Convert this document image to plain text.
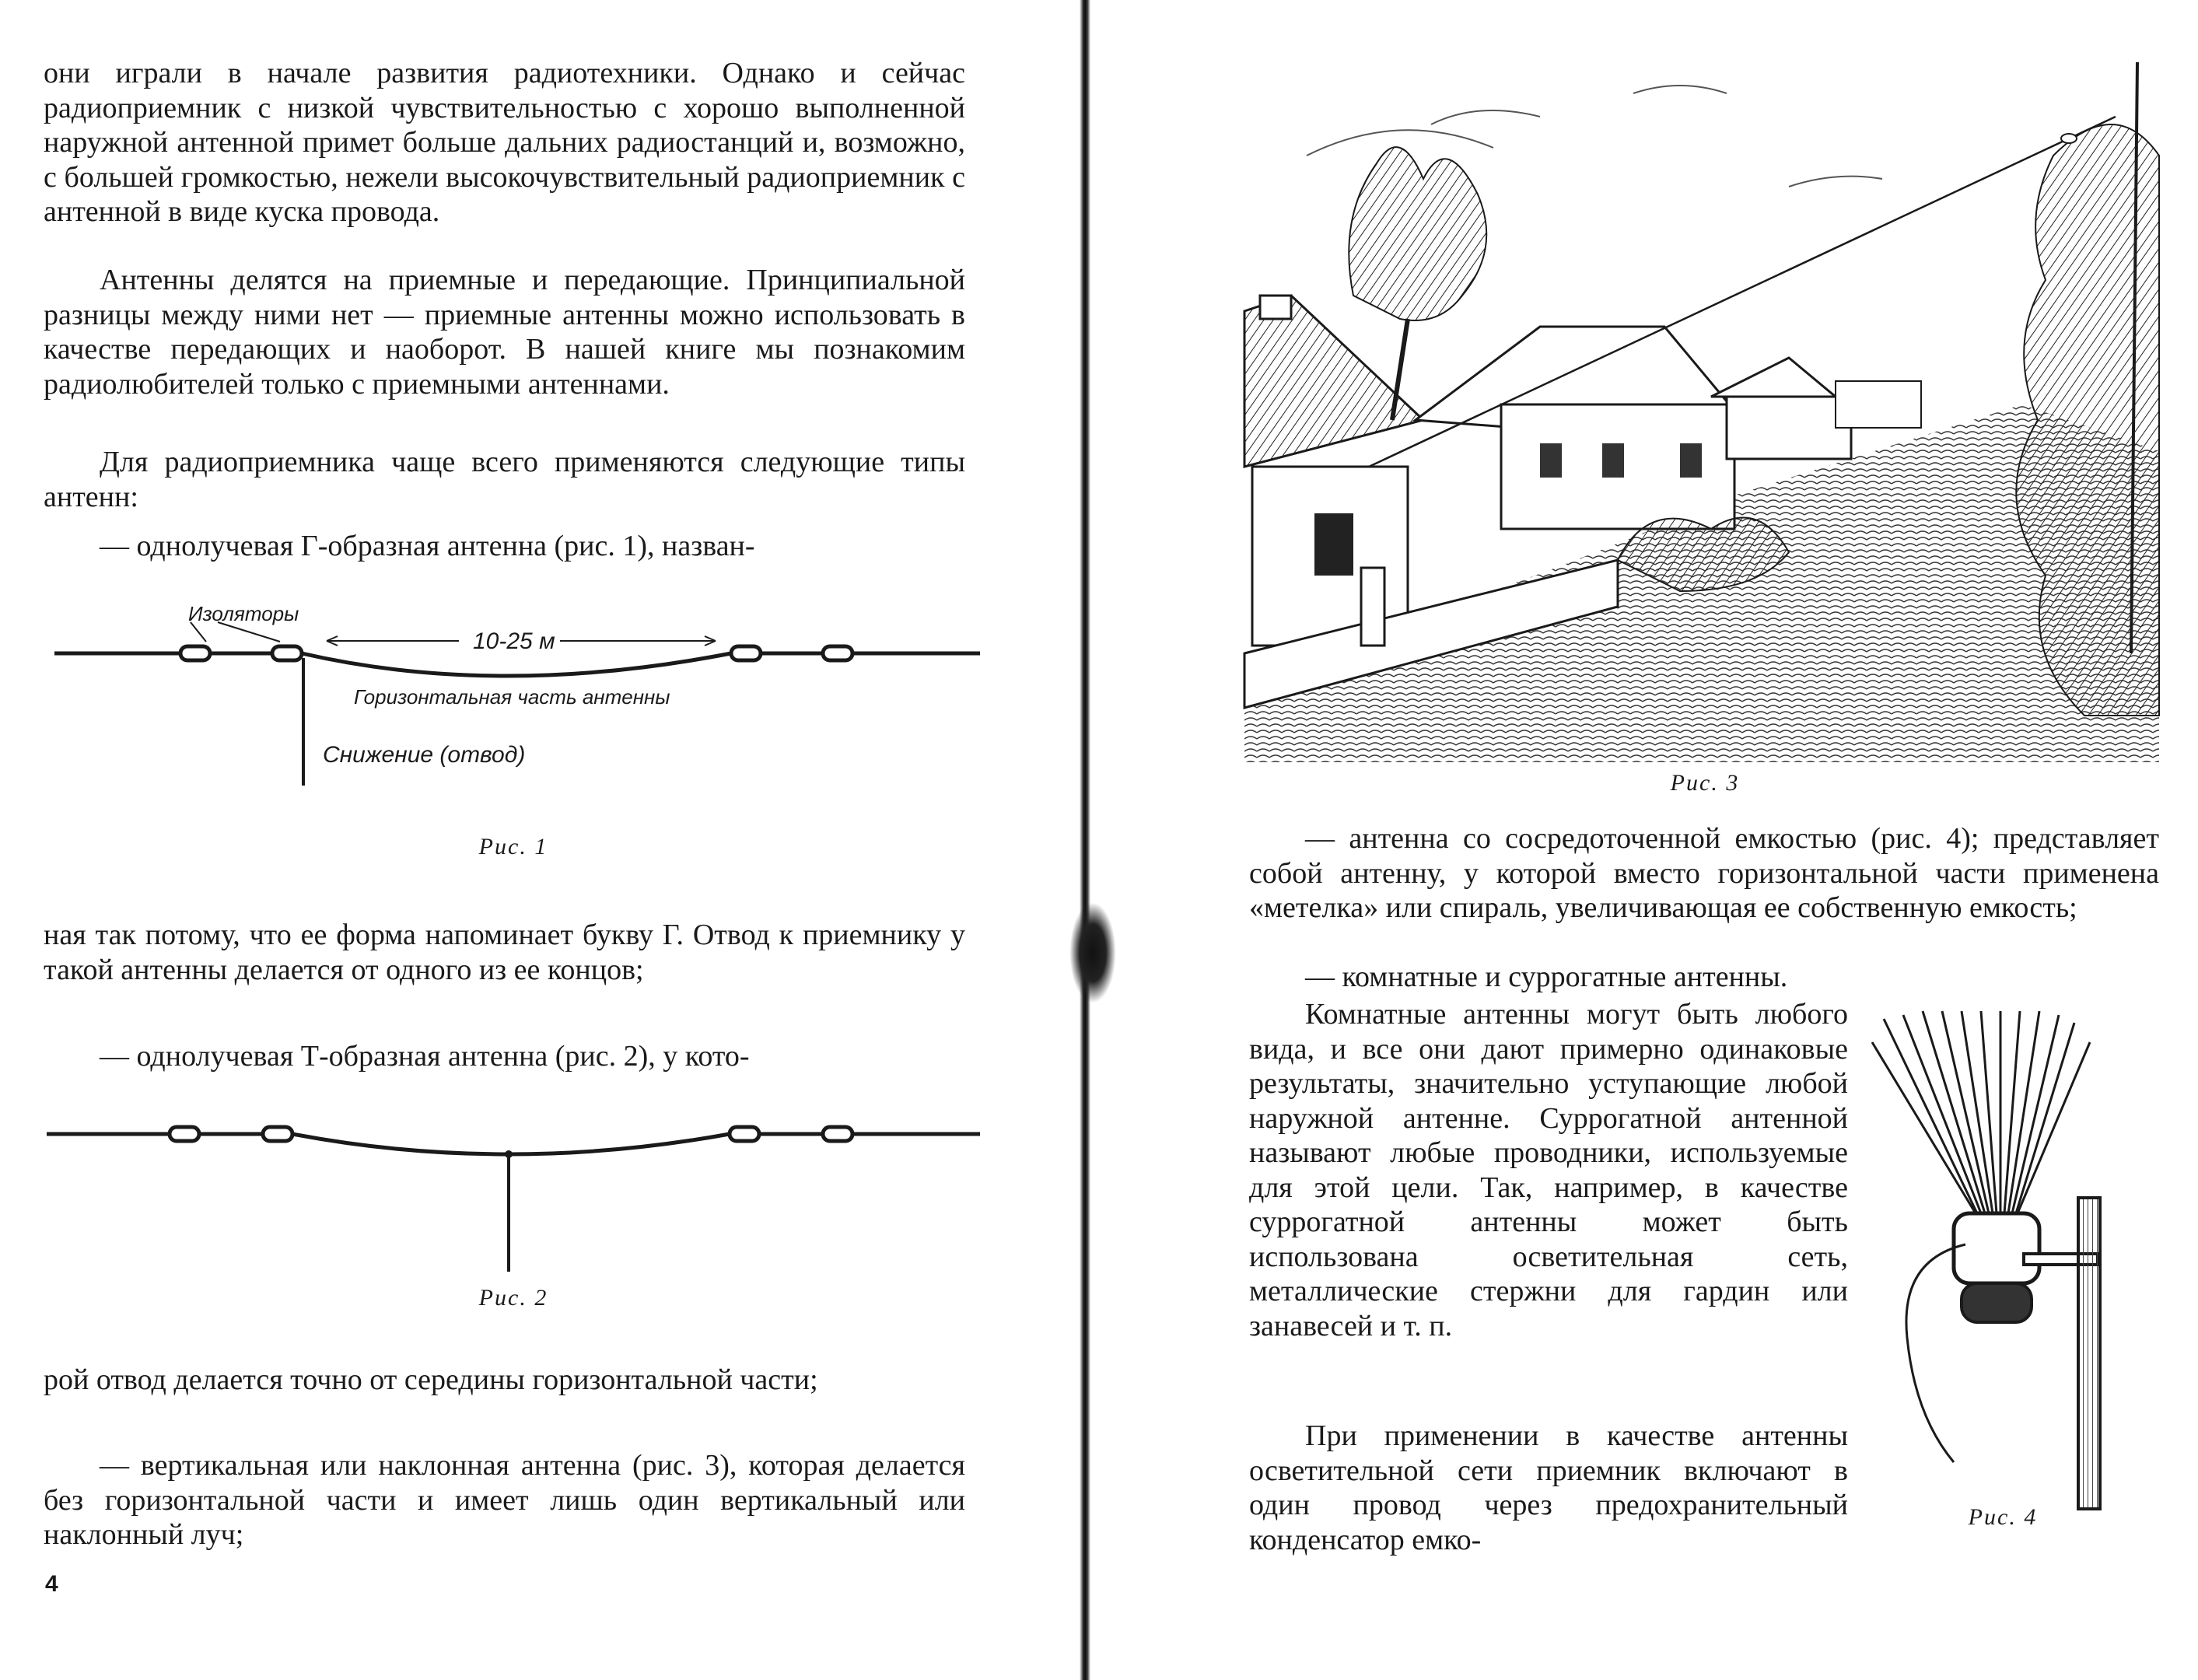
они играли в начале развития радиотехники. Однако и сейчас радиоприемник с низкой чувствительностью с хорошо выполненной наружной антенной примет больше дальних радиостанций и, возможно, с большей громкостью, нежели высокочувствительный радиоприемник с антенной в виде куска провода.

Антенны делятся на приемные и передающие. Принципиальной разницы между ними нет — приемные антенны можно использовать в качестве передающих и наоборот. В нашей книге мы познакомим радиолюбителей только с приемными антеннами.

Для радиоприемника чаще всего применяются следующие типы антенн:

— однолучевая Г-образная антенна (рис. 1), назван-

Изоляторы
10-25 м
Горизонтальная часть антенны
Снижение (отвод)
Рис. 1

ная так потому, что ее форма напоминает букву Г. Отвод к приемнику у такой антенны делается от одного из ее концов;

— однолучевая Т-образная антенна (рис. 2), у кото-

Рис. 2

рой отвод делается точно от середины горизонтальной части;

— вертикальная или наклонная антенна (рис. 3), которая делается без горизонтальной части и имеет лишь один вертикальный или наклонный луч;

4
Рис. 3

— антенна со сосредоточенной емкостью (рис. 4); представляет собой антенну, у которой вместо горизонтальной части применена «метелка» или спираль, увеличивающая ее собственную емкость;

— комнатные и суррогатные антенны.

Комнатные антенны могут быть любого вида, и все они дают примерно одинаковые результаты, значительно уступающие любой наружной антенне. Суррогатной антенной называют любые проводники, используемые для этой цели. Так, например, в качестве суррогатной антенны может быть использована осветительная сеть, металлические стержни для гардин или занавесей и т. п.

При применении в качестве антенны осветительной сети приемник включают в один провод через предохранительный конденсатор емко-

Рис. 4
